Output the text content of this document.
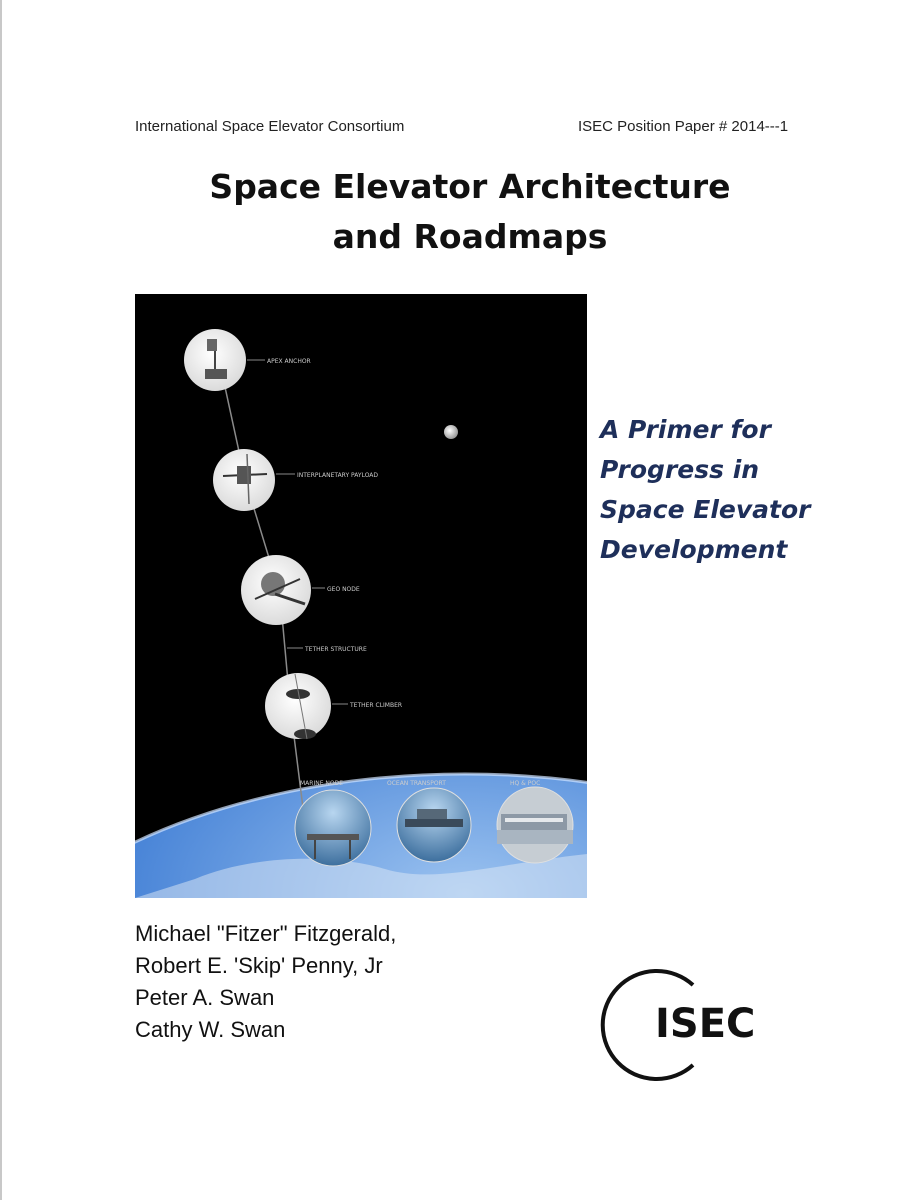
International Space Elevator Consortium	ISEC Position Paper # 2014---1
Space Elevator Architecture
and Roadmaps
APEX ANCHOR
INTERPLANETARY PAYLOAD
GEO NODE
TETHER STRUCTURE
TETHER CLIMBER
MARINE NODE	OCEAN TRANSPORT	HQ & POC
A Primer for
Progress in
Space Elevator
Development
Michael "Fitzer" Fitzgerald,
Robert E. 'Skip' Penny, Jr
Peter A. Swan
Cathy W. Swan	ISEC
